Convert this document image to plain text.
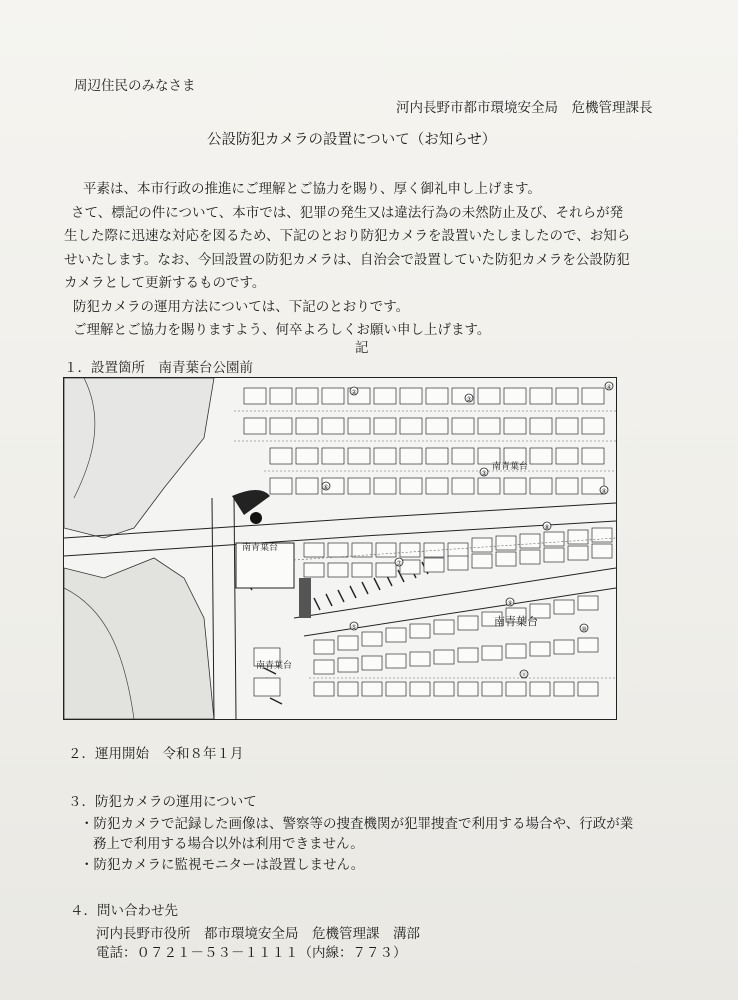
周辺住民のみなさま
河内長野市都市環境安全局　危機管理課長
公設防犯カメラの設置について（お知らせ）
平素は、本市行政の推進にご理解とご協力を賜り、厚く御礼申し上げます。
さて、標記の件について、本市では、犯罪の発生又は違法行為の未然防止及び、それらが発
生した際に迅速な対応を図るため、下記のとおり防犯カメラを設置いたしましたので、お知ら
せいたします。なお、今回設置の防犯カメラは、自治会で設置していた防犯カメラを公設防犯
カメラとして更新するものです。
防犯カメラの運用方法については、下記のとおりです。
ご理解とご協力を賜りますよう、何卒よろしくお願い申し上げます。
記
１．設置箇所　南青葉台公園前
②
③
③
④
⑥
⑦
⑧
⑨
④
⑤	⑩
⑪
南青葉台
南青葉台
南青葉台
南青葉台
２．運用開始　令和８年１月
３．防犯カメラの運用について
・防犯カメラで記録した画像は、警察等の捜査機関が犯罪捜査で利用する場合や、行政が業
務上で利用する場合以外は利用できません。
・防犯カメラに監視モニターは設置しません。
４．問い合わせ先
河内長野市役所　都市環境安全局　危機管理課　溝部
電話：０７２１－５３－１１１１（内線：７７３）
